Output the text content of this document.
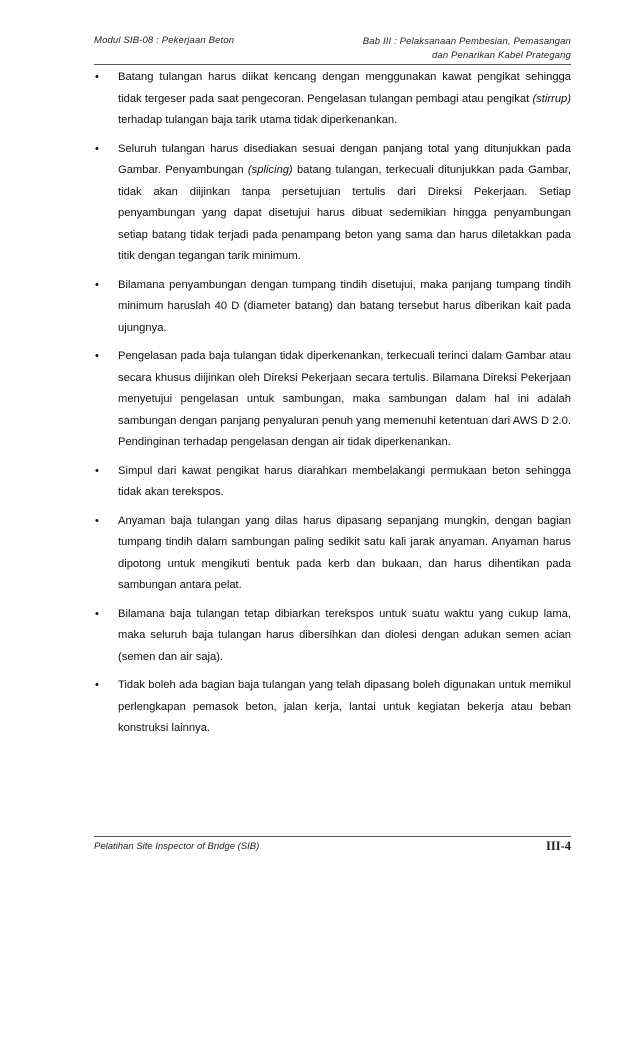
Modul SIB-08 : Pekerjaan Beton	Bab III : Pelaksanaan Pembesian, Pemasangan
dan Penarikan Kabel Prategang
• Batang tulangan harus diikat kencang dengan menggunakan kawat pengikat sehingga tidak tergeser pada saat pengecoran. Pengelasan tulangan pembagi atau pengikat (stirrup) terhadap tulangan baja tarik utama tidak diperkenankan.
• Seluruh tulangan harus disediakan sesuai dengan panjang total yang ditunjukkan pada Gambar. Penyambungan (splicing) batang tulangan, terkecuali ditunjukkan pada Gambar, tidak akan diijinkan tanpa persetujuan tertulis dari Direksi Pekerjaan. Setiap penyambungan yang dapat disetujui harus dibuat sedemikian hingga penyambungan setiap batang tidak terjadi pada penampang beton yang sama dan harus diletakkan pada titik dengan tegangan tarik minimum.
• Bilamana penyambungan dengan tumpang tindih disetujui, maka panjang tumpang tindih minimum haruslah 40 D (diameter batang) dan batang tersebut harus diberikan kait pada ujungnya.
• Pengelasan pada baja tulangan tidak diperkenankan, terkecuali terinci dalam Gambar atau secara khusus diijinkan oleh Direksi Pekerjaan secara tertulis. Bilamana Direksi Pekerjaan menyetujui pengelasan untuk sambungan, maka sambungan dalam hal ini adalah sambungan dengan panjang penyaluran penuh yang memenuhi ketentuan dari AWS D 2.0. Pendinginan terhadap pengelasan dengan air tidak diperkenankan.
• Simpul dari kawat pengikat harus diarahkan membelakangi permukaan beton sehingga tidak akan terekspos.
• Anyaman baja tulangan yang dilas harus dipasang sepanjang mungkin, dengan bagian tumpang tindih dalam sambungan paling sedikit satu kali jarak anyaman. Anyaman harus dipotong untuk mengikuti bentuk pada kerb dan bukaan, dan harus dihentikan pada sambungan antara pelat.
• Bilamana baja tulangan tetap dibiarkan terekspos untuk suatu waktu yang cukup lama, maka seluruh baja tulangan harus dibersihkan dan diolesi dengan adukan semen acian (semen dan air saja).
• Tidak boleh ada bagian baja tulangan yang telah dipasang boleh digunakan untuk memikul perlengkapan pemasok beton, jalan kerja, lantai untuk kegiatan bekerja atau beban konstruksi lainnya.
Pelatihan Site Inspector of Bridge (SIB)	III-4
